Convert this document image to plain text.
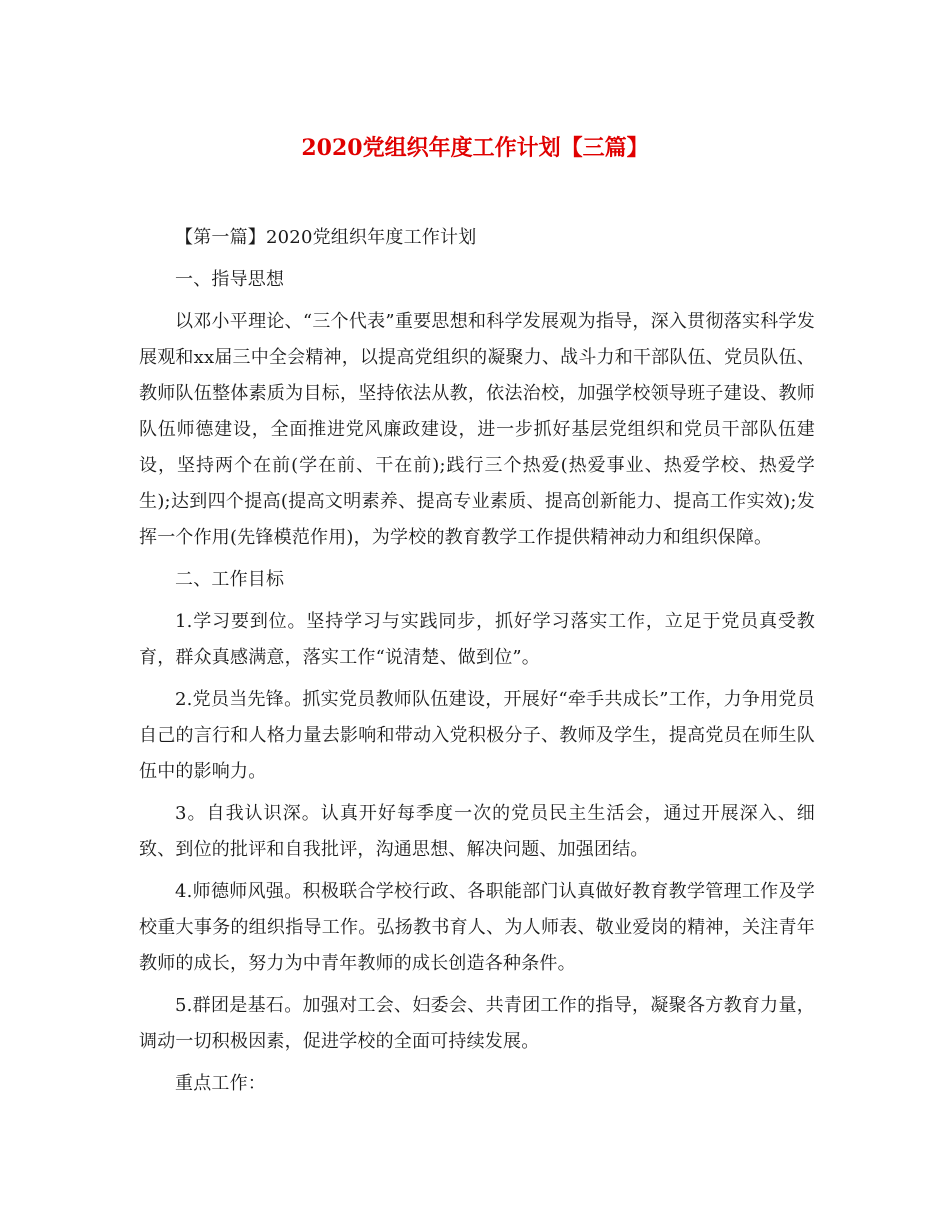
2020党组织年度工作计划【三篇】

【第一篇】2020党组织年度工作计划

一、指导思想

以邓小平理论、“三个代表”重要思想和科学发展观为指导，深入贯彻落实科学发展观和xx届三中全会精神，以提高党组织的凝聚力、战斗力和干部队伍、党员队伍、教师队伍整体素质为目标，坚持依法从教，依法治校，加强学校领导班子建设、教师队伍师德建设，全面推进党风廉政建设，进一步抓好基层党组织和党员干部队伍建设，坚持两个在前(学在前、干在前);践行三个热爱(热爱事业、热爱学校、热爱学生);达到四个提高(提高文明素养、提高专业素质、提高创新能力、提高工作实效);发挥一个作用(先锋模范作用)，为学校的教育教学工作提供精神动力和组织保障。

二、工作目标

1.学习要到位。坚持学习与实践同步，抓好学习落实工作，立足于党员真受教育，群众真感满意，落实工作“说清楚、做到位”。

2.党员当先锋。抓实党员教师队伍建设，开展好“牵手共成长”工作，力争用党员自己的言行和人格力量去影响和带动入党积极分子、教师及学生，提高党员在师生队伍中的影响力。

3。自我认识深。认真开好每季度一次的党员民主生活会，通过开展深入、细致、到位的批评和自我批评，沟通思想、解决问题、加强团结。

4.师德师风强。积极联合学校行政、各职能部门认真做好教育教学管理工作及学校重大事务的组织指导工作。弘扬教书育人、为人师表、敬业爱岗的精神，关注青年教师的成长，努力为中青年教师的成长创造各种条件。

5.群团是基石。加强对工会、妇委会、共青团工作的指导，凝聚各方教育力量，调动一切积极因素，促进学校的全面可持续发展。

重点工作：
